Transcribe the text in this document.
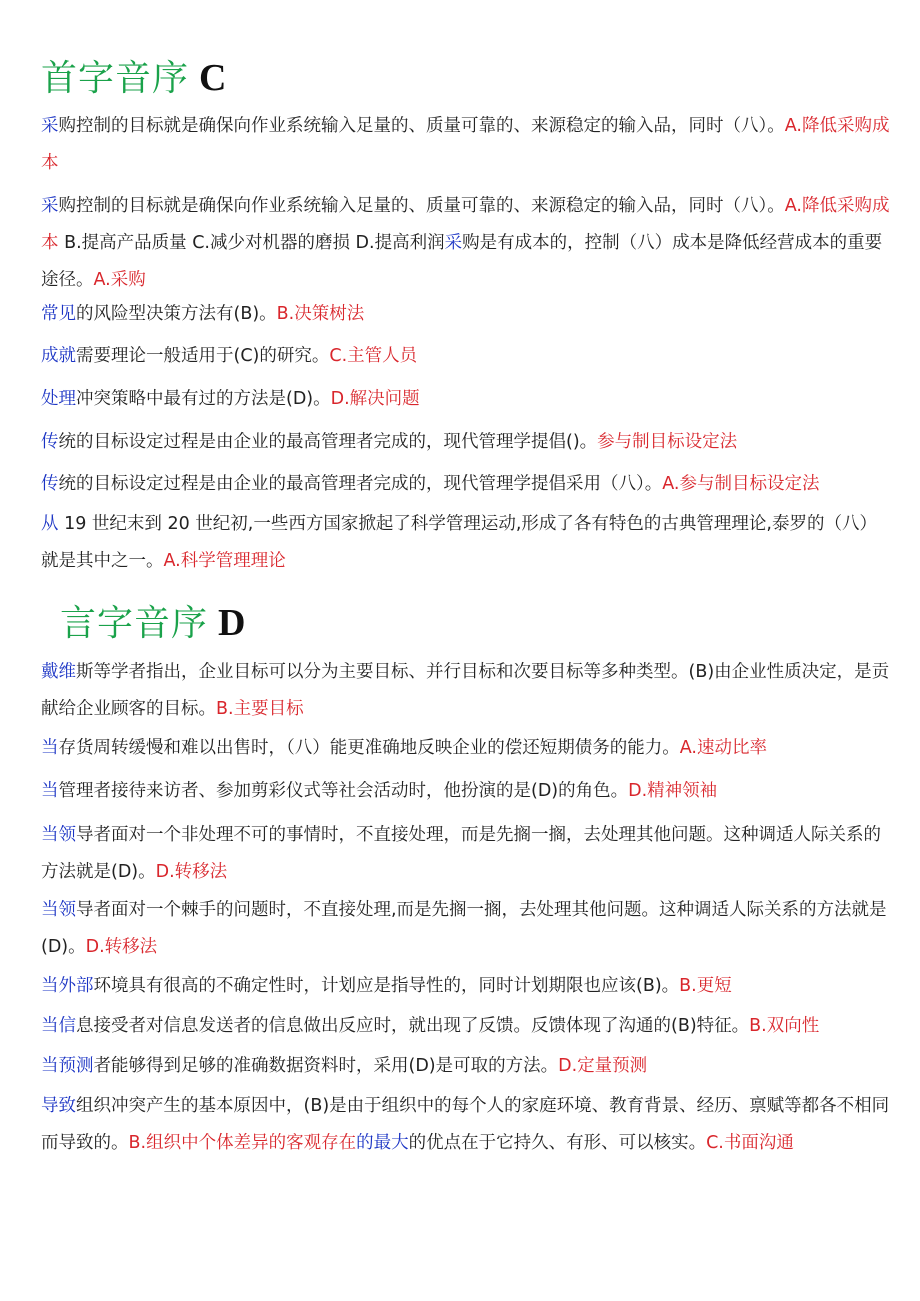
首字音序 C
采购控制的目标就是确保向作业系统输入足量的、质量可靠的、来源稳定的输入品，同时（八）。A.降低采购成本
采购控制的目标就是确保向作业系统输入足量的、质量可靠的、来源稳定的输入品，同时（八）。A.降低采购成本 B.提高产品质量 C.减少对机器的磨损 D.提高利润采购是有成本的，控制（八）成本是降低经营成本的重要途径。A.采购
常见的风险型决策方法有(B)。B.决策树法
成就需要理论一般适用于(C)的研究。C.主管人员
处理冲突策略中最有过的方法是(D)。D.解决问题
传统的目标设定过程是由企业的最高管理者完成的，现代管理学提倡()。参与制目标设定法
传统的目标设定过程是由企业的最高管理者完成的，现代管理学提倡采用（八）。A.参与制目标设定法
从 19 世纪末到 20 世纪初,一些西方国家掀起了科学管理运动,形成了各有特色的古典管理理论,泰罗的（八）就是其中之一。A.科学管理理论
言字音序 D
戴维斯等学者指出，企业目标可以分为主要目标、并行目标和次要目标等多种类型。(B)由企业性质决定，是贡献给企业顾客的目标。B.主要目标
当存货周转缓慢和难以出售时，（八）能更准确地反映企业的偿还短期债务的能力。A.速动比率
当管理者接待来访者、参加剪彩仪式等社会活动时，他扮演的是(D)的角色。D.精神领袖
当领导者面对一个非处理不可的事情时，不直接处理，而是先搁一搁，去处理其他问题。这种调适人际关系的方法就是(D)。D.转移法
当领导者面对一个棘手的问题时，不直接处理,而是先搁一搁，去处理其他问题。这种调适人际关系的方法就是(D)。D.转移法
当外部环境具有很高的不确定性时，计划应是指导性的，同时计划期限也应该(B)。B.更短
当信息接受者对信息发送者的信息做出反应时，就出现了反馈。反馈体现了沟通的(B)特征。B.双向性
当预测者能够得到足够的准确数据资料时，采用(D)是可取的方法。D.定量预测
导致组织冲突产生的基本原因中，(B)是由于组织中的每个人的家庭环境、教育背景、经历、禀赋等都各不相同而导致的。B.组织中个体差异的客观存在的最大的优点在于它持久、有形、可以核实。C.书面沟通
